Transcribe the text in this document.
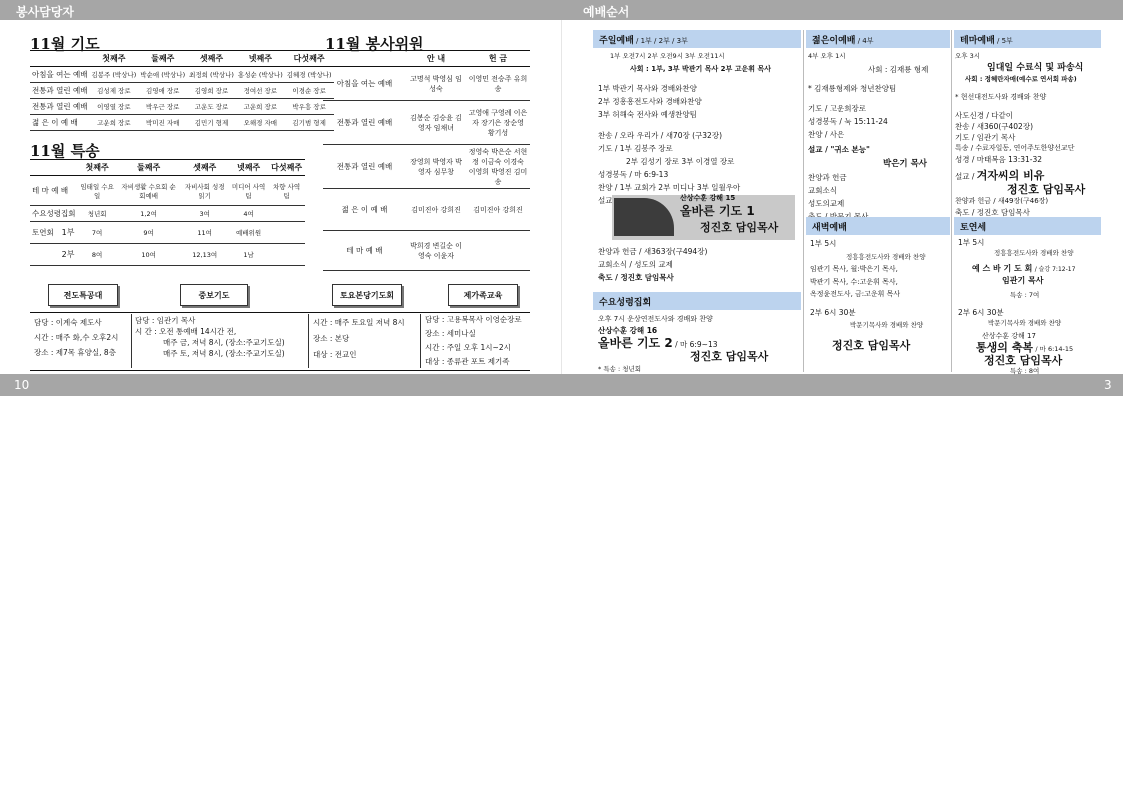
봉사담당자	예배순서
10	3
11월 기도
	첫째주	둘째주	셋째주	넷째주	다섯째주
아침을 여는 예배	김봉주 (박상나)	박순애 (박상나)	최정희 (박상나)	홍성순 (박상나)	김혜경 (박상나)
전통과 열린 예배	김성제 장로	김영애 장로	김영희 장로	정여선 장로	이경순 장로
전통과 열린 예배	이영열 장로	박우근 장로	고운도 장로	고운희 장로	박우흥 장로
젊 은 이 예 배	고운희 장로	박미진 자매	김민기 형제	오해경 자매	김기범 형제
11월 특송
		첫째주	둘째주	셋째주	넷째주	다섯째주
테 마 예 배		임태일 수요일	자비생활 수요회 순회예배	자비사회 성경읽기	미디어 사역팀	차향 사역팀
수요성령집회		청년회	1,2여	3여	4여	
토연회	1부	7여	9여	11여	예배위원	
	2부	8여	10여	12,13여	1남	
11월 봉사위원
	안 내	헌 금
아침을 여는 예배	고명석 박영심 임성숙	이영민 전승주 유희송
전통과 열린 예배	김봉순 김승윤 김영자 임채녀	고영애 구영례 이은자 장기은 장순영 황기성
전통과 열린 예배	장영희 박영자 박영자 심무창	정영숙 박은순 서현정 이금숙 이경숙 이영희 박영진 김미송
젊 은 이 예 배	김미진아 강희진	김미진아 강희진
테 마 예 배	박희경 변길순 이영숙 이윤자	
전도특공대	중보기도	토요본당기도회	제가족교육
담당 : 이계숙 제도사
시간 : 매주 화,수 오후2시
장소 : 제7목 휴양실, 8층
담당 : 임관기 목사
시 간 : 오전 통예배 14시간 전,
매주 금, 저녁 8시, (장소:주교기도실)
매주 토, 저녁 8시, (장소:주교기도실)
시간 : 매주 토요일 저녁 8시
장소 : 본당
대상 : 전교인
담당 : 고용복목사 이영순장로
장소 : 세미나실
시간 : 주일 오후 1시~2시
대상 : 종류관 포트 제기족
주일예배 / 1부 / 2부 / 3부
1부 오전7시 2부 오전9시 3부 오전11시
사회 : 1부, 3부 박관기 목사 2부 고운휘 목사
1부 박관기 목사와 경배와찬양
2부 정흥흥전도사와 경배와찬양
3부 허해숙 전사와 예생찬양팀
찬송 / 오라 우리가 / 새70장 (구32장)
기도 / 1부 김봉주 장로
2부 김성기 장로 3부 이경열 장로
성경봉독 / 마 6:9-13
찬양 / 1부 교회가 2부 미디나 3부 일월우아
설교	산상수훈 강해 15
올바른 기도 1
정진호 담임목사
찬양과 헌금 / 새363장(구494장)
교회소식 / 성도의 교제
축도 / 정진호 담임목사
수요성령집회
오후 7시 운상연전도사와 경배와 찬양
산상수훈 강해 16
올바른 기도 2 / 마 6:9~13
정진호 담임목사
* 특송 : 청년회
젊은이예배 / 4부
4부 오후 1시
사회 : 김재룡 형제
* 김재룡형제와 청년찬양팀
기도 / 고운희장로
성경봉독 / 눅 15:11-24
찬양 / 사은
설교 / "귀소 본능"
박은기 목사
찬양과 헌금
교회소식
성도의교제
새벽예배
1부 5시
정흥흥전도사와 경배와 찬양
임관기 목사, 월:박은기 목사,
박관기 목사, 수:고운휘 목사,
옥정윤전도사, 금:고운휘 목사
2부 6시 30분
박문기목사와 경배와 찬양
정진호 담임목사
테마예배 / 5부
오후 3시
임대일 수료식 및 파송식
사회 : 정혜란자매(예수로 연서회 파송)
* 현선대전도사와 경배와 찬양
사도신경 / 다같이
찬송 / 새360(구402장)
기도 / 임관기 목사
특송 / 수료자일동, 연어주도한양선교단
성경 / 마태복음 13:31-32
설교 / 겨자씨의 비유
정진호 담임목사
찬양과 헌금 / 새49장(구46장)
축도 / 정진호 담임목사
토연세
1부 5시
정흥흥전도사와 경배와 찬양
예 스 바 기 도 회 / 슬강 7:12-17
임관기 목사
특송 : 7여
2부 6시 30분
박문기목사와 경배와 찬양
산상수훈 강해 17
통생의 축복 / 마 6:14-15
정진호 담임목사
특송 : 8여
